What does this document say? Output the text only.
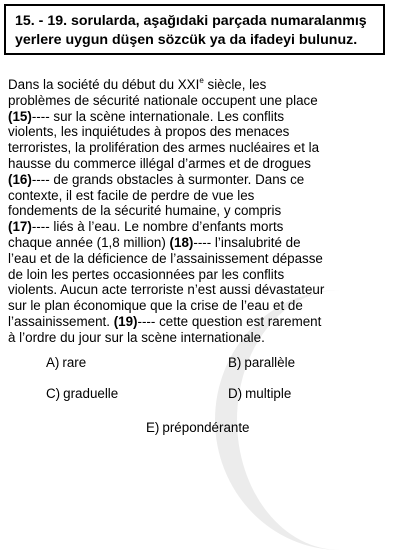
15. - 19. sorularda, aşağıdaki parçada numaralanmış
yerlere uygun düşen sözcük ya da ifadeyi bulunuz.
Dans la société du début du XXIe siècle, les
problèmes de sécurité nationale occupent une place
(15)---- sur la scène internationale. Les conflits
violents, les inquiétudes à propos des menaces
terroristes, la prolifération des armes nucléaires et la
hausse du commerce illégal d’armes et de drogues
(16)---- de grands obstacles à surmonter. Dans ce
contexte, il est facile de perdre de vue les
fondements de la sécurité humaine, y compris
(17)---- liés à l’eau. Le nombre d’enfants morts
chaque année (1,8 million) (18)---- l’insalubrité de
l’eau et de la déficience de l’assainissement dépasse
de loin les pertes occasionnées par les conflits
violents. Aucun acte terroriste n’est aussi dévastateur
sur le plan économique que la crise de l’eau et de
l’assainissement. (19)---- cette question est rarement
à l’ordre du jour sur la scène internationale.
A) rare	B) parallèle
C) graduelle	D) multiple
E) prépondérante
